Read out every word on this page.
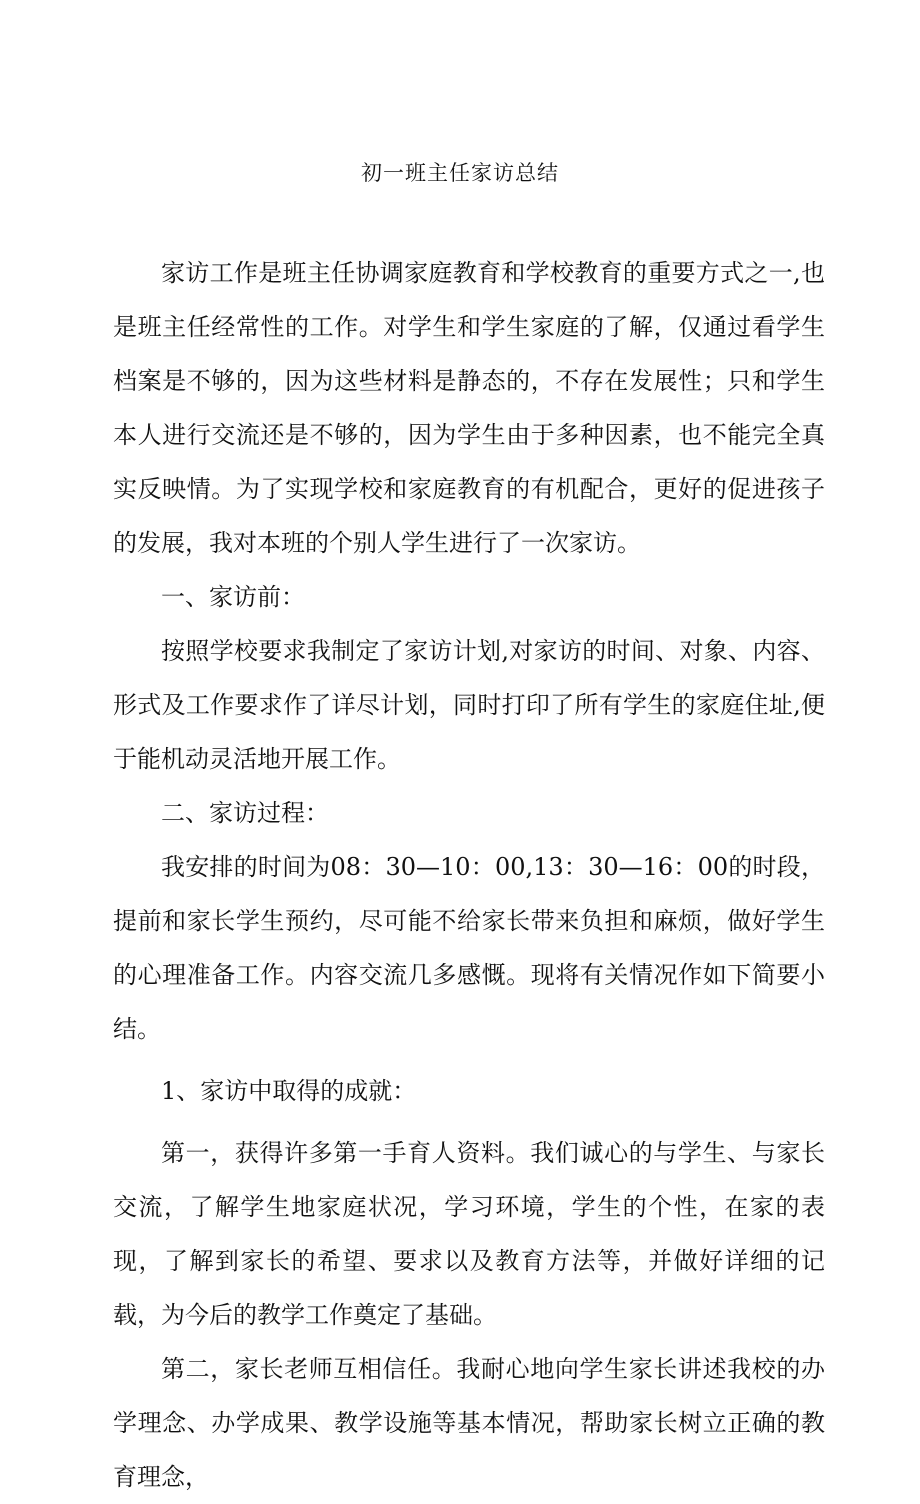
初一班主任家访总结

家访工作是班主任协调家庭教育和学校教育的重要方式之一,也是班主任经常性的工作。对学生和学生家庭的了解，仅通过看学生档案是不够的，因为这些材料是静态的，不存在发展性；只和学生本人进行交流还是不够的，因为学生由于多种因素，也不能完全真实反映情。为了实现学校和家庭教育的有机配合，更好的促进孩子的发展，我对本班的个别人学生进行了一次家访。

一、家访前：

按照学校要求我制定了家访计划,对家访的时间、对象、内容、形式及工作要求作了详尽计划，同时打印了所有学生的家庭住址,便于能机动灵活地开展工作。

二、家访过程：

我安排的时间为08：30—10：00,13：30—16：00的时段，提前和家长学生预约，尽可能不给家长带来负担和麻烦，做好学生的心理准备工作。内容交流几多感慨。现将有关情况作如下简要小结。

1、家访中取得的成就：

第一，获得许多第一手育人资料。我们诚心的与学生、与家长交流，了解学生地家庭状况，学习环境，学生的个性，在家的表现，了解到家长的希望、要求以及教育方法等，并做好详细的记载，为今后的教学工作奠定了基础。

第二，家长老师互相信任。我耐心地向学生家长讲述我校的办学理念、办学成果、教学设施等基本情况，帮助家长树立正确的教育理念，
